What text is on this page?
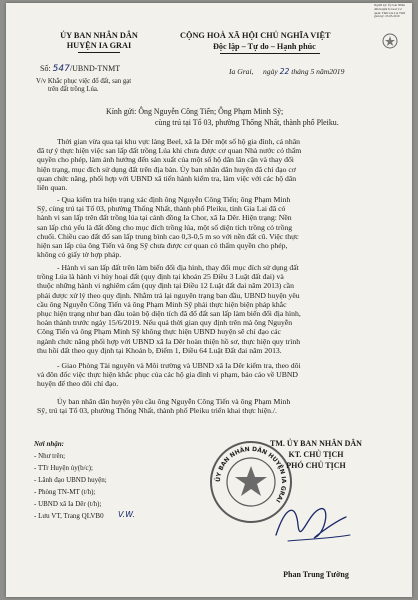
ỦY BAN NHÂN DÂN
HUYỆN IA GRAI
CỘNG HOÀ XÃ HỘI CHỦ NGHĨA VIỆT
Độc lập – Tự do – Hạnh phúc
Người ký: Ủy ban Nhân dân huyện Ia Grai Cơ quan: Tỉnh Gia Lai Thời gian ký: 23.05.2019
Số: 547/UBND-TNMT
V/v Khắc phục việc đổ đất, san gạt
trên đất trồng Lúa.
Ia Grai, ngày 22 tháng 5 năm2019
Kính gửi: Ông Nguyễn Công Tiến; Ông Phạm Minh Sỹ;
cùng trú tại Tổ 03, phường Thống Nhất, thành phố Pleiku.
Thời gian vừa qua tại khu vực làng Beel, xã Ia Dêr một số hộ gia đình, cá nhân
đã tự ý thực hiện việc san lấp đất trồng Lúa khi chưa được cơ quan Nhà nước có thẩm
quyền cho phép, làm ảnh hưởng đến sản xuất của một số hộ dân lân cận và thay đổi
hiện trạng, mục đích sử dụng đất trên địa bàn. Ủy ban nhân dân huyện đã chỉ đạo cơ
quan chức năng, phối hợp với UBND xã tiến hành kiểm tra, làm việc với các hộ dân
liên quan.
- Qua kiểm tra hiện trạng xác định ông Nguyễn Công Tiến; ông Phạm Minh
Sỹ, cùng trú tại Tổ 03, phường Thống Nhất, thành phố Pleiku, tỉnh Gia Lai đã có
hành vi san lấp trên đất trồng lúa tại cánh đồng Ia Chor, xã Ia Dêr. Hiện trạng: Nền
san lấp chủ yếu là đất đồng cho mục đích trồng lúa, một số diện tích trồng cỏ trồng
chuối. Chiều cao đất đổ san lấp trung bình cao 0,3-0,5 m so với nền đất cũ. Việc thực
hiện san lấp của ông Tiến và ông Sỹ chưa được cơ quan có thẩm quyền cho phép,
không có giấy tờ hợp pháp.
- Hành vi san lấp đất trên làm biến đổi địa hình, thay đổi mục đích sử dụng đất
trồng Lúa là hành vi hủy hoại đất (quy định tại khoản 25 Điều 3 Luật đất đai) và
thuộc những hành vi nghiêm cấm (quy định tại Điều 12 Luật đất đai năm 2013) cần
phải được xử lý theo quy định. Nhằm trả lại nguyên trạng ban đầu, UBND huyện yêu
cầu ông Nguyễn Công Tiến và ông Phạm Minh Sỹ phải thực hiện biện pháp khắc
phục hiện trạng như ban đầu toàn bộ diện tích đã đổ đất san lấp làm biến đổi địa hình,
hoàn thành trước ngày 15/6/2019. Nếu quá thời gian quy định trên mà ông Nguyễn
Công Tiến và ông Phạm Minh Sỹ không thực hiện UBND huyện sẽ chỉ đạo các
ngành chức năng phối hợp với UBND xã Ia Dêr hoàn thiện hồ sơ, thực hiện quy trình
thu hồi đất theo quy định tại Khoản b, Điểm 1, Điều 64 Luật Đất đai năm 2013.
- Giao Phòng Tài nguyên và Môi trường và UBND xã Ia Dêr kiểm tra, theo dõi
và đôn đốc việc thực hiện khắc phục của các hộ gia đình vi phạm, báo cáo về UBND
huyện để theo dõi chỉ đạo.
Ủy ban nhân dân huyện yêu cầu ông Nguyễn Công Tiến và ông Phạm Minh
Sỹ, trú tại Tổ 03, phường Thống Nhất, thành phố Pleiku triển khai thực hiện./.
Nơi nhận:
- Như trên;
- TTr Huyện ủy(b/c);
- Lãnh đạo UBND huyện;
- Phòng TN-MT (t/h);
- UBND xã Ia Dêr (t/h);
- Lưu VT, Trang QLVB0 V.W.
ỦY BAN NHÂN DÂN HUYỆN IA GRAI
TM. ỦY BAN NHÂN DÂN
KT. CHỦ TỊCH
PHÓ CHỦ TỊCH
Phan Trung Tường
